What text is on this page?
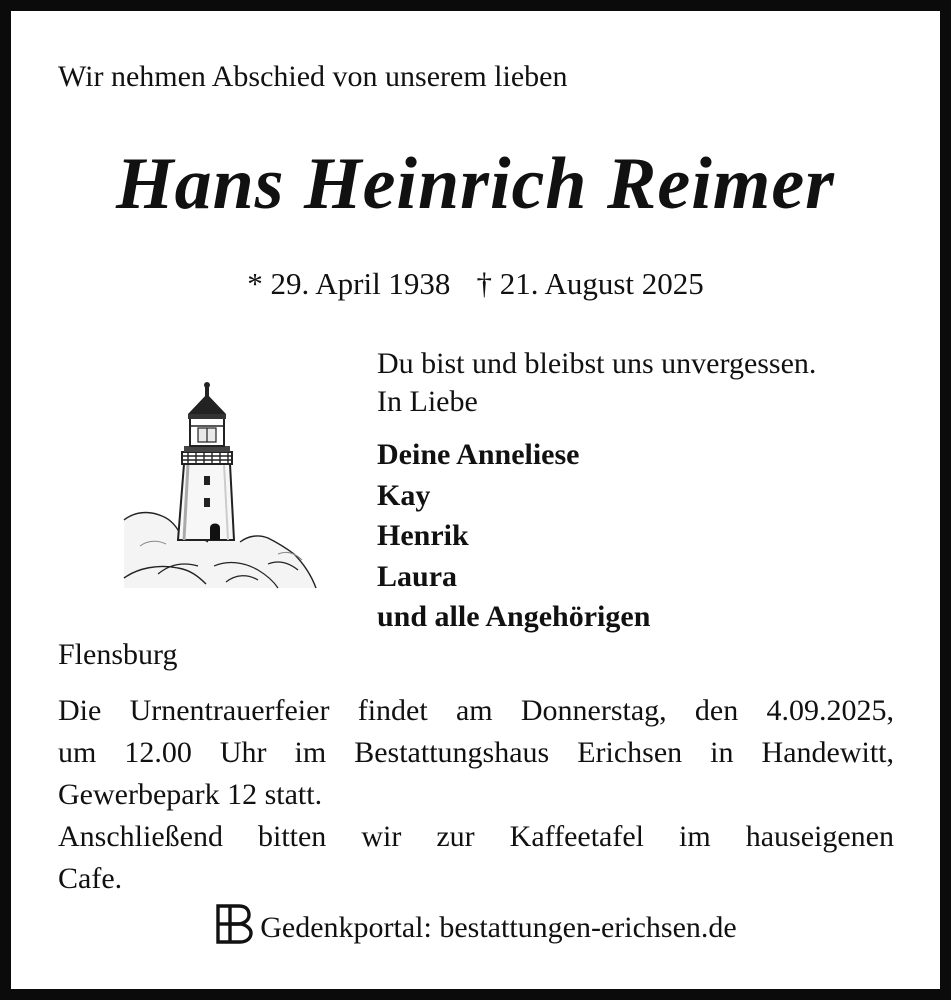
Wir nehmen Abschied von unserem lieben
Hans Heinrich Reimer
* 29. April 1938 † 21. August 2025
Du bist und bleibst uns unvergessen.
In Liebe
Deine Anneliese
Kay
Henrik
Laura
und alle Angehörigen
Flensburg
Die Urnentrauerfeier findet am Donnerstag, den 4.09.2025,
um 12.00 Uhr im Bestattungshaus Erichsen in Handewitt,
Gewerbepark 12 statt.
Anschließend bitten wir zur Kaffeetafel im hauseigenen
Cafe.
Gedenkportal: bestattungen-erichsen.de
